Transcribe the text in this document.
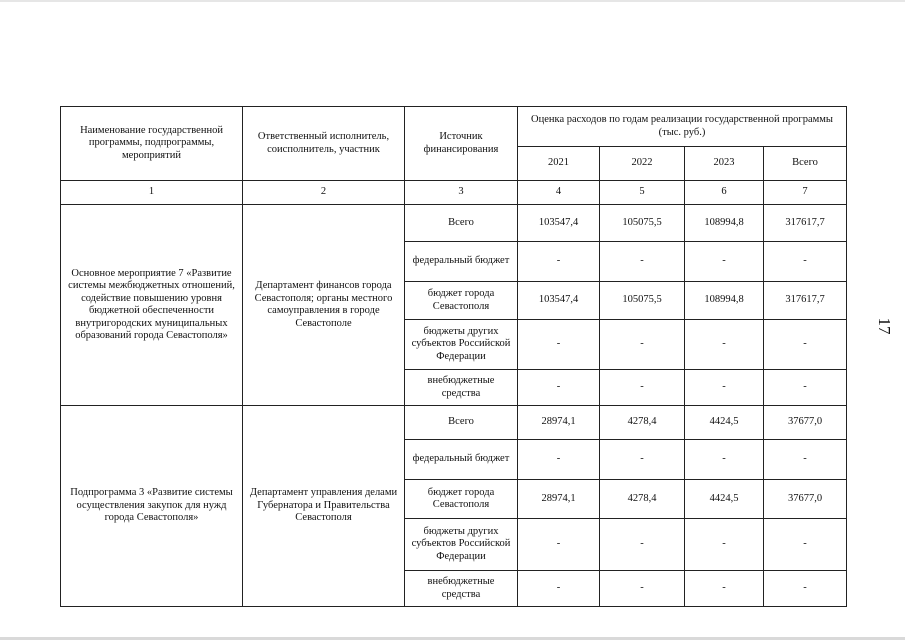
17
Наименование государственной программы, подпрограммы, мероприятий	Ответственный исполнитель, соисполнитель, участник	Источник финансирования	Оценка расходов по годам реализации государственной программы (тыс. руб.)			
			2021	2022	2023	Всего
1	2	3	4	5	6	7
Основное мероприятие 7 «Развитие системы межбюджетных отношений, содействие повышению уровня бюджетной обеспеченности внутригородских муниципальных образований города Севастополя»	Департамент финансов города Севастополя; органы местного самоуправления в городе Севастополе	Всего	103547,4	105075,5	108994,8	317617,7
		федеральный бюджет	-	-	-	-
		бюджет города Севастополя	103547,4	105075,5	108994,8	317617,7
		бюджеты других субъектов Российской Федерации	-	-	-	-
		внебюджетные средства	-	-	-	-
Подпрограмма 3 «Развитие системы осуществления закупок для нужд города Севастополя»	Департамент управления делами Губернатора и Правительства Севастополя	Всего	28974,1	4278,4	4424,5	37677,0
		федеральный бюджет	-	-	-	-
		бюджет города Севастополя	28974,1	4278,4	4424,5	37677,0
		бюджеты других субъектов Российской Федерации	-	-	-	-
		внебюджетные средства	-	-	-	-
